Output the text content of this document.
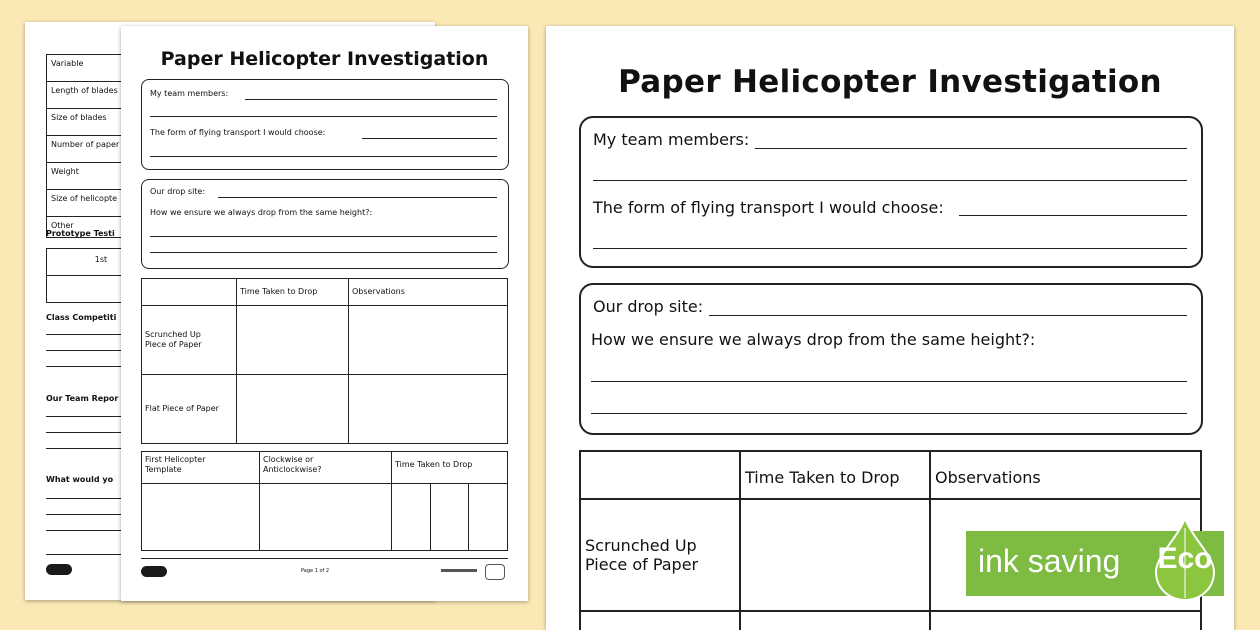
Variable
Length of blades
Size of blades
Number of paper
Weight
Size of helicopte
Other
Prototype Testi
1st

Class Competiti
Our Team Repor
What would yo
Paper Helicopter Investigation
My team members:
The form of flying transport I would choose:
Our drop site:
How we ensure we always drop from the same height?:
	Time Taken to Drop	Observations
Scrunched Up Piece of Paper		
Flat Piece of Paper		
First Helicopter Template	Clockwise or Anticlockwise?	Time Taken to Drop		

Page 1 of 2
Paper Helicopter Investigation
My team members:
The form of flying transport I would choose:
Our drop site:
How we ensure we always drop from the same height?:
	Time Taken to Drop	Observations
Scrunched Up Piece of Paper		
			ink saving Eco
